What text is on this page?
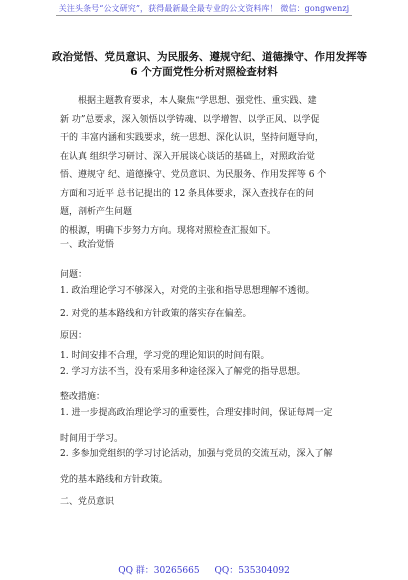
关注头条号“公文研究”，获得最新最全最专业的公文资料库！ 微信：gongwenzj
政治觉悟、党员意识、为民服务、遵规守纪、道德操守、作用发挥等
6 个方面党性分析对照检查材料
根据主题教育要求，本人聚焦“学思想、强党性、重实践、建
新 功”总要求，深入领悟以学铸魂、以学增智、以学正风、以学促
干的 丰富内涵和实践要求，统一思想、深化认识，坚持问题导向，
在认真 组织学习研讨、深入开展谈心谈话的基础上，对照政治觉
悟、遵规守 纪、道德操守、党员意识、为民服务、作用发挥等 6 个
方面和习近平 总书记提出的 12 条具体要求，深入查找存在的问
题，剖析产生问题
的根源，明确下步努力方向。现将对照检查汇报如下。
一、政治觉悟
问题：
1. 政治理论学习不够深入，对党的主张和指导思想理解不透彻。
2. 对党的基本路线和方针政策的落实存在偏差。
原因：
1. 时间安排不合理，学习党的理论知识的时间有限。
2. 学习方法不当，没有采用多种途径深入了解党的指导思想。
整改措施：
1. 进一步提高政治理论学习的重要性，合理安排时间，保证每周一定
时间用于学习。
2. 多参加党组织的学习讨论活动，加强与党员的交流互动，深入了解
党的基本路线和方针政策。
二、党员意识
QQ 群：30265665 QQ：535304092
